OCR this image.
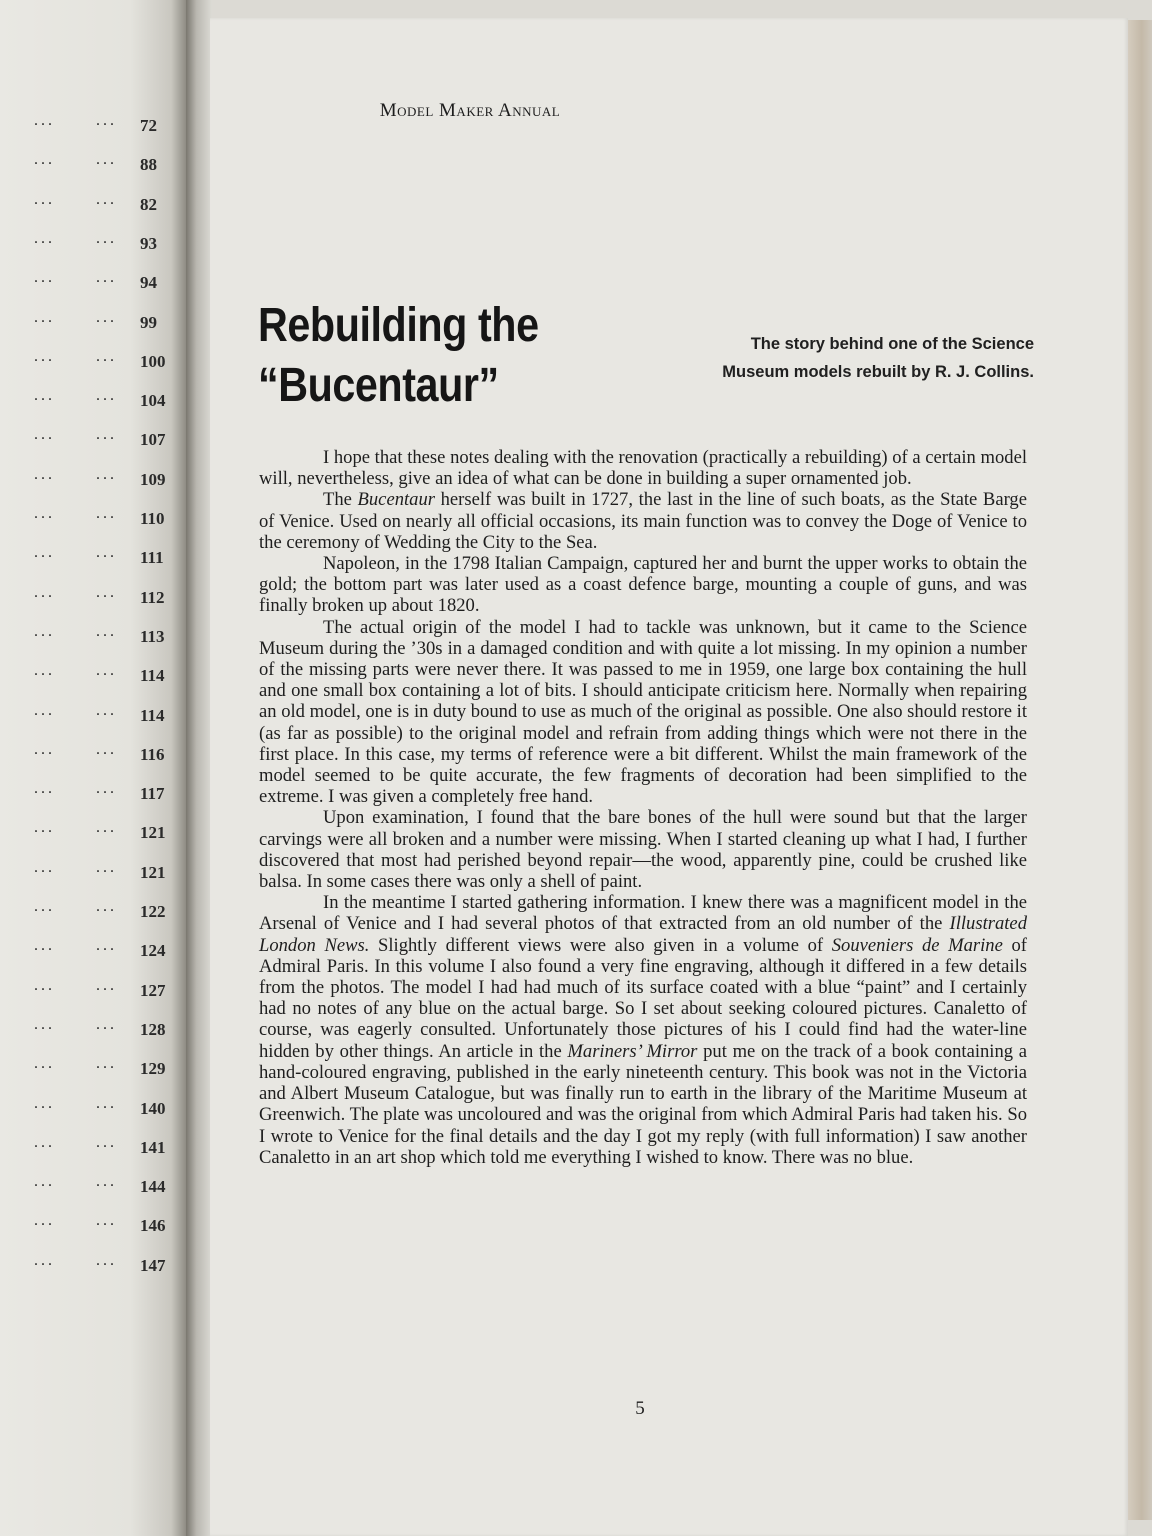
...	... 72
...	... 88
...	... 82
...	... 93
...	... 94
...	... 99
...	... 100
...	... 104
...	... 107
...	... 109
...	... 110
...	... 111
...	... 112
...	... 113
...	... 114
...	... 114
...	... 116
...	... 117
...	... 121
...	... 121
...	... 122
...	... 124
...	... 127
...	... 128
...	... 129
...	... 140
...	... 141
...	... 144
...	... 146
...	... 147
Model Maker Annual
Rebuilding the
“Bucentaur”
The story behind one of the Science
Museum models rebuilt by R. J. Collins.

I hope that these notes dealing with the renovation (practically a rebuilding) of a certain model will, nevertheless, give an idea of what can be done in building a super ornamented job.

The Bucentaur herself was built in 1727, the last in the line of such boats, as the State Barge of Venice. Used on nearly all official occasions, its main function was to convey the Doge of Venice to the ceremony of Wedding the City to the Sea.

Napoleon, in the 1798 Italian Campaign, captured her and burnt the upper works to obtain the gold; the bottom part was later used as a coast defence barge, mounting a couple of guns, and was finally broken up about 1820.

The actual origin of the model I had to tackle was unknown, but it came to the Science Museum during the ’30s in a damaged condition and with quite a lot missing. In my opinion a number of the missing parts were never there. It was passed to me in 1959, one large box containing the hull and one small box containing a lot of bits. I should anticipate criticism here. Normally when repairing an old model, one is in duty bound to use as much of the original as possible. One also should restore it (as far as possible) to the original model and refrain from adding things which were not there in the first place. In this case, my terms of reference were a bit different. Whilst the main framework of the model seemed to be quite accurate, the few fragments of decoration had been simplified to the extreme. I was given a completely free hand.

Upon examination, I found that the bare bones of the hull were sound but that the larger carvings were all broken and a number were missing. When I started cleaning up what I had, I further discovered that most had perished beyond repair—the wood, apparently pine, could be crushed like balsa. In some cases there was only a shell of paint.

In the meantime I started gathering information. I knew there was a magnificent model in the Arsenal of Venice and I had several photos of that extracted from an old number of the Illustrated London News. Slightly different views were also given in a volume of Souveniers de Marine of Admiral Paris. In this volume I also found a very fine engraving, although it differed in a few details from the photos. The model I had had much of its surface coated with a blue “paint” and I certainly had no notes of any blue on the actual barge. So I set about seeking coloured pictures. Canaletto of course, was eagerly consulted. Unfortunately those pictures of his I could find had the water-line hidden by other things. An article in the Mariners’ Mirror put me on the track of a book containing a hand-coloured engraving, published in the early nineteenth century. This book was not in the Victoria and Albert Museum Catalogue, but was finally run to earth in the library of the Maritime Museum at Greenwich. The plate was uncoloured and was the original from which Admiral Paris had taken his. So I wrote to Venice for the final details and the day I got my reply (with full information) I saw another Canaletto in an art shop which told me everything I wished to know. There was no blue.

5
